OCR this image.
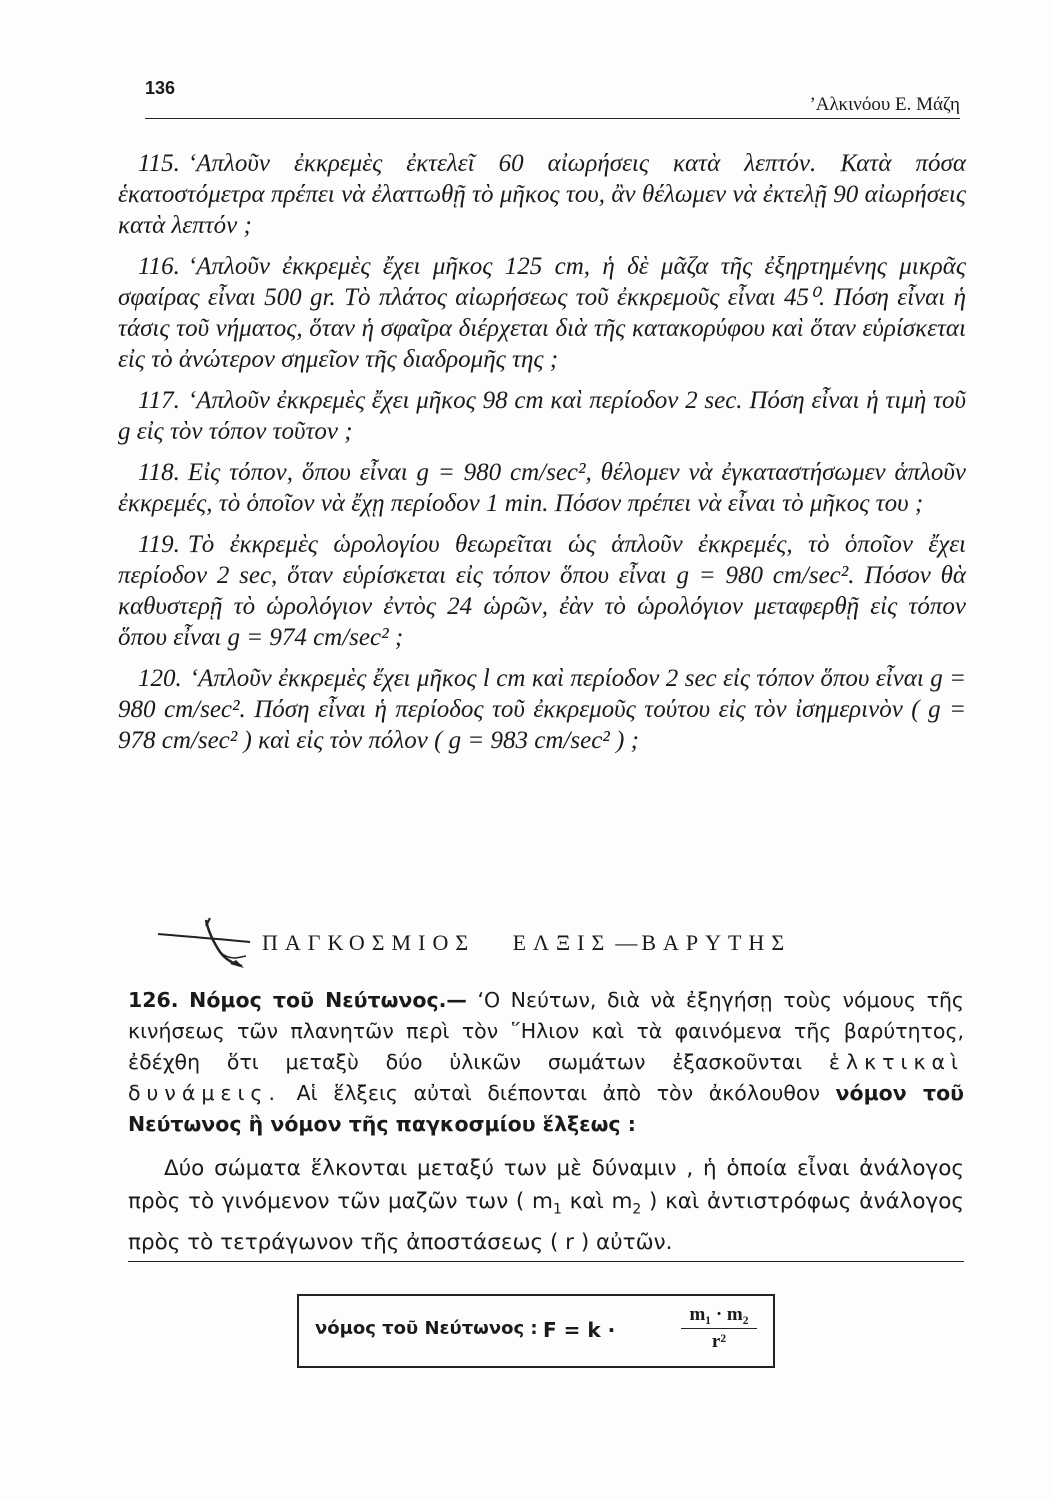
136
’Αλκινόου Ε. Μάζη
115. ‘Απλοῦν ἐκκρεμὲς ἐκτελεῖ 60 αἰωρήσεις κατὰ λεπτόν. Κατὰ πόσα ἑκατοστόμετρα πρέπει νὰ ἐλαττωθῇ τὸ μῆκος του, ἂν θέλωμεν νὰ ἐκτελῇ 90 αἰωρήσεις κατὰ λεπτόν ;
116. ‘Απλοῦν ἐκκρεμὲς ἔχει μῆκος 125 cm, ἡ δὲ μᾶζα τῆς ἐξηρτημένης μικρᾶς σφαίρας εἶναι 500 gr. Τὸ πλάτος αἰωρήσεως τοῦ ἐκκρεμοῦς εἶναι 45⁰. Πόση εἶναι ἡ τάσις τοῦ νήματος, ὅταν ἡ σφαῖρα διέρχεται διὰ τῆς κατακορύφου καὶ ὅταν εὑρίσκεται εἰς τὸ ἀνώτερον σημεῖον τῆς διαδρομῆς της ;
117. ‘Απλοῦν ἐκκρεμὲς ἔχει μῆκος 98 cm καὶ περίοδον 2 sec. Πόση εἶναι ἡ τιμὴ τοῦ g εἰς τὸν τόπον τοῦτον ;
118. Εἰς τόπον, ὅπου εἶναι g = 980 cm/sec², θέλομεν νὰ ἐγκαταστήσωμεν ἁπλοῦν ἐκκρεμές, τὸ ὁποῖον νὰ ἔχῃ περίοδον 1 min. Πόσον πρέπει νὰ εἶναι τὸ μῆκος του ;
119. Τὸ ἐκκρεμὲς ὡρολογίου θεωρεῖται ὡς ἁπλοῦν ἐκκρεμές, τὸ ὁποῖον ἔχει περίοδον 2 sec, ὅταν εὑρίσκεται εἰς τόπον ὅπου εἶναι g = 980 cm/sec². Πόσον θὰ καθυστερῇ τὸ ὡρολόγιον ἐντὸς 24 ὡρῶν, ἐὰν τὸ ὡρολόγιον μεταφερθῇ εἰς τόπον ὅπου εἶναι g = 974 cm/sec² ;
120. ‘Απλοῦν ἐκκρεμὲς ἔχει μῆκος l cm καὶ περίοδον 2 sec εἰς τόπον ὅπου εἶναι g = 980 cm/sec². Πόση εἶναι ἡ περίοδος τοῦ ἐκκρεμοῦς τούτου εἰς τὸν ἰσημερινὸν ( g = 978 cm/sec² ) καὶ εἰς τὸν πόλον ( g = 983 cm/sec² ) ;
ΠΑΓΚΟΣΜΙΟΣ ΕΛΞΙΣ — ΒΑΡΥΤΗΣ
126. Νόμος τοῦ Νεύτωνος.— ‘Ο Νεύτων, διὰ νὰ ἐξηγήσῃ τοὺς νόμους τῆς κινήσεως τῶν πλανητῶν περὶ τὸν ῞Ηλιον καὶ τὰ φαινόμενα τῆς βαρύτητος, ἐδέχθη ὅτι μεταξὺ δύο ὑλικῶν σωμάτων ἐξασκοῦνται ἑλκτικαὶ δυνάμεις. Αἱ ἕλξεις αὐταὶ διέπονται ἀπὸ τὸν ἀκόλουθον νόμον τοῦ Νεύτωνος ἢ νόμον τῆς παγκοσμίου ἕλξεως :
Δύο σώματα ἕλκονται μεταξύ των μὲ δύναμιν , ἡ ὁποία εἶναι ἀνάλογος πρὸς τὸ γινόμενον τῶν μαζῶν των ( $m_1$ καὶ $m_2$ ) καὶ ἀντιστρόφως ἀνάλογος πρὸς τὸ τετράγωνον τῆς ἀποστάσεως ( r ) αὐτῶν.
νόμος τοῦ Νεύτωνος : F = k ·	$\frac{\text{m₁ · m₂}}{\text{r²}}$
